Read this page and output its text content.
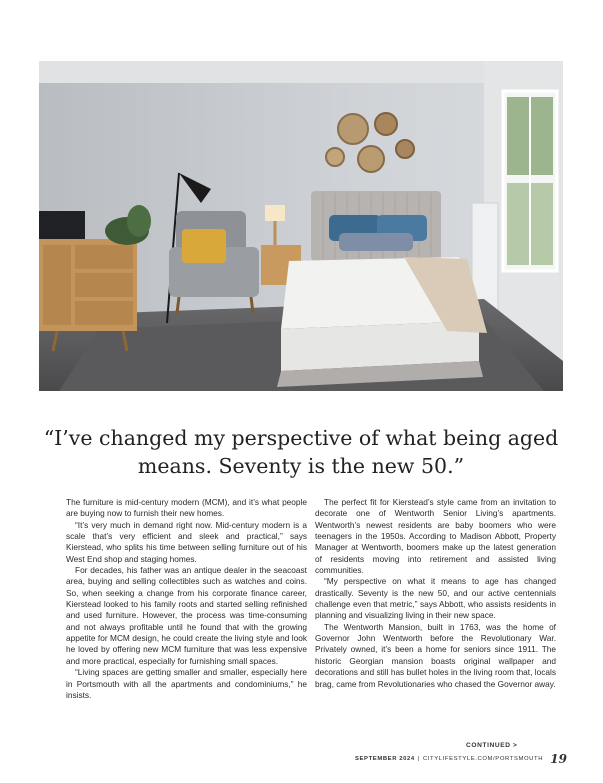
“I’ve changed my perspective of what being aged
means. Seventy is the new 50.”

The furniture is mid-century modern (MCM), and it’s what people are buying now to furnish their new homes.

“It’s very much in demand right now. Mid-century modern is a scale that’s very efficient and sleek and practical,” says Kierstead, who splits his time between selling furniture out of his West End shop and staging homes.

For decades, his father was an antique dealer in the seacoast area, buying and selling collectibles such as watches and coins. So, when seeking a change from his corporate finance career, Kierstead looked to his family roots and started selling refinished and used furniture. However, the process was time-consuming and not always profitable until he found that with the growing appetite for MCM design, he could create the living style and look he loved by offering new MCM furniture that was less expensive and more practical, especially for furnishing small spaces.

“Living spaces are getting smaller and smaller, especially here in Portsmouth with all the apartments and condominiums,” he insists.

The perfect fit for Kierstead’s style came from an invitation to decorate one of Wentworth Senior Living’s apartments. Wentworth’s newest residents are baby boomers who were teenagers in the 1950s. According to Madison Abbott, Property Manager at Wentworth, boomers make up the latest generation of residents moving into retirement and assisted living communities.

“My perspective on what it means to age has changed drastically. Seventy is the new 50, and our active centennials challenge even that metric,” says Abbott, who assists residents in planning and visualizing living in their new space.

The Wentworth Mansion, built in 1763, was the home of Governor John Wentworth before the Revolutionary War. Privately owned, it’s been a home for seniors since 1911. The historic Georgian mansion boasts original wallpaper and decorations and still has bullet holes in the living room that, locals brag, came from Revolutionaries who chased the Governor away.

CONTINUED >
SEPTEMBER 2024 | CITYLIFESTYLE.COM/PORTSMOUTH 19
